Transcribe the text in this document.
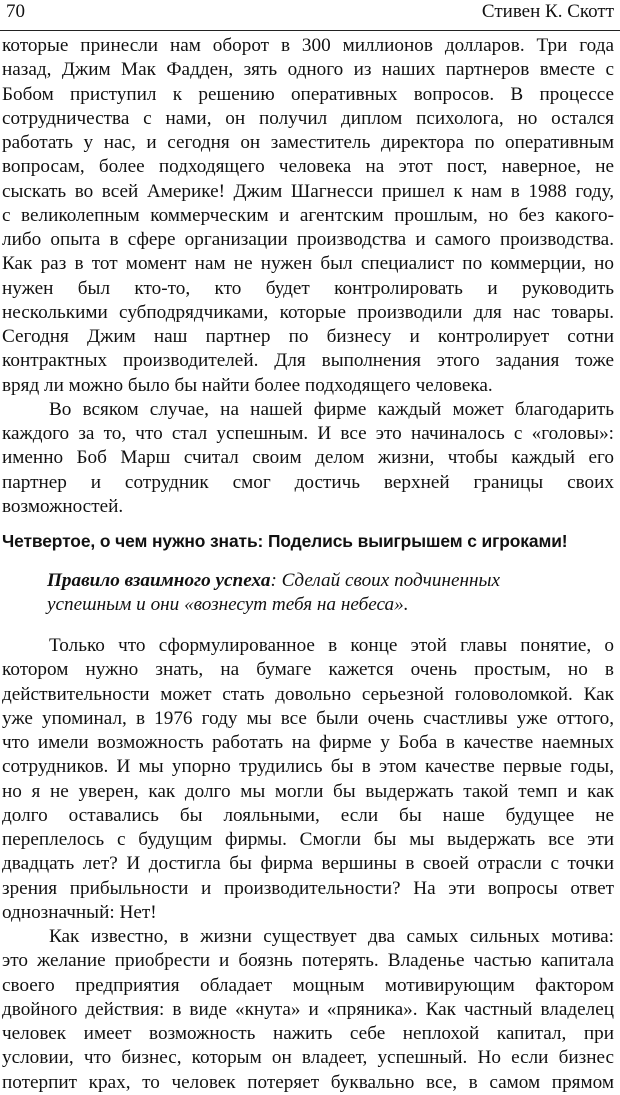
70	Стивен К. Скотт
которые принесли нам оборот в 300 миллионов долларов. Три года
назад, Джим Мак Фадден, зять одного из наших партнеров вместе с
Бобом приступил к решению оперативных вопросов. В процессе
сотрудничества с нами, он получил диплом психолога, но остался
работать у нас, и сегодня он заместитель директора по оперативным
вопросам, более подходящего человека на этот пост, наверное, не
сыскать во всей Америке! Джим Шагнесси пришел к нам в 1988 году,
с великолепным коммерческим и агентским прошлым, но без какого-
либо опыта в сфере организации производства и самого производства.
Как раз в тот момент нам не нужен был специалист по коммерции, но
нужен был кто-то, кто будет контролировать и руководить
несколькими субподрядчиками, которые производили для нас товары.
Сегодня Джим наш партнер по бизнесу и контролирует сотни
контрактных производителей. Для выполнения этого задания тоже
вряд ли можно было бы найти более подходящего человека.
Во всяком случае, на нашей фирме каждый может благодарить
каждого за то, что стал успешным. И все это начиналось с «головы»:
именно Боб Марш считал своим делом жизни, чтобы каждый его
партнер и сотрудник смог достичь верхней границы своих
возможностей.
Четвертое, о чем нужно знать: Поделись выигрышем с игроками!
Правило взаимного успеха: Сделай своих подчиненных
успешным и они «вознесут тебя на небеса».
Только что сформулированное в конце этой главы понятие, о
котором нужно знать, на бумаге кажется очень простым, но в
действительности может стать довольно серьезной головоломкой. Как
уже упоминал, в 1976 году мы все были очень счастливы уже оттого,
что имели возможность работать на фирме у Боба в качестве наемных
сотрудников. И мы упорно трудились бы в этом качестве первые годы,
но я не уверен, как долго мы могли бы выдержать такой темп и как
долго оставались бы лояльными, если бы наше будущее не
переплелось с будущим фирмы. Смогли бы мы выдержать все эти
двадцать лет? И достигла бы фирма вершины в своей отрасли с точки
зрения прибыльности и производительности? На эти вопросы ответ
однозначный: Нет!
Как известно, в жизни существует два самых сильных мотива:
это желание приобрести и боязнь потерять. Владенье частью капитала
своего предприятия обладает мощным мотивирующим фактором
двойного действия: в виде «кнута» и «пряника». Как частный владелец
человек имеет возможность нажить себе неплохой капитал, при
условии, что бизнес, которым он владеет, успешный. Но если бизнес
потерпит крах, то человек потеряет буквально все, в самом прямом
